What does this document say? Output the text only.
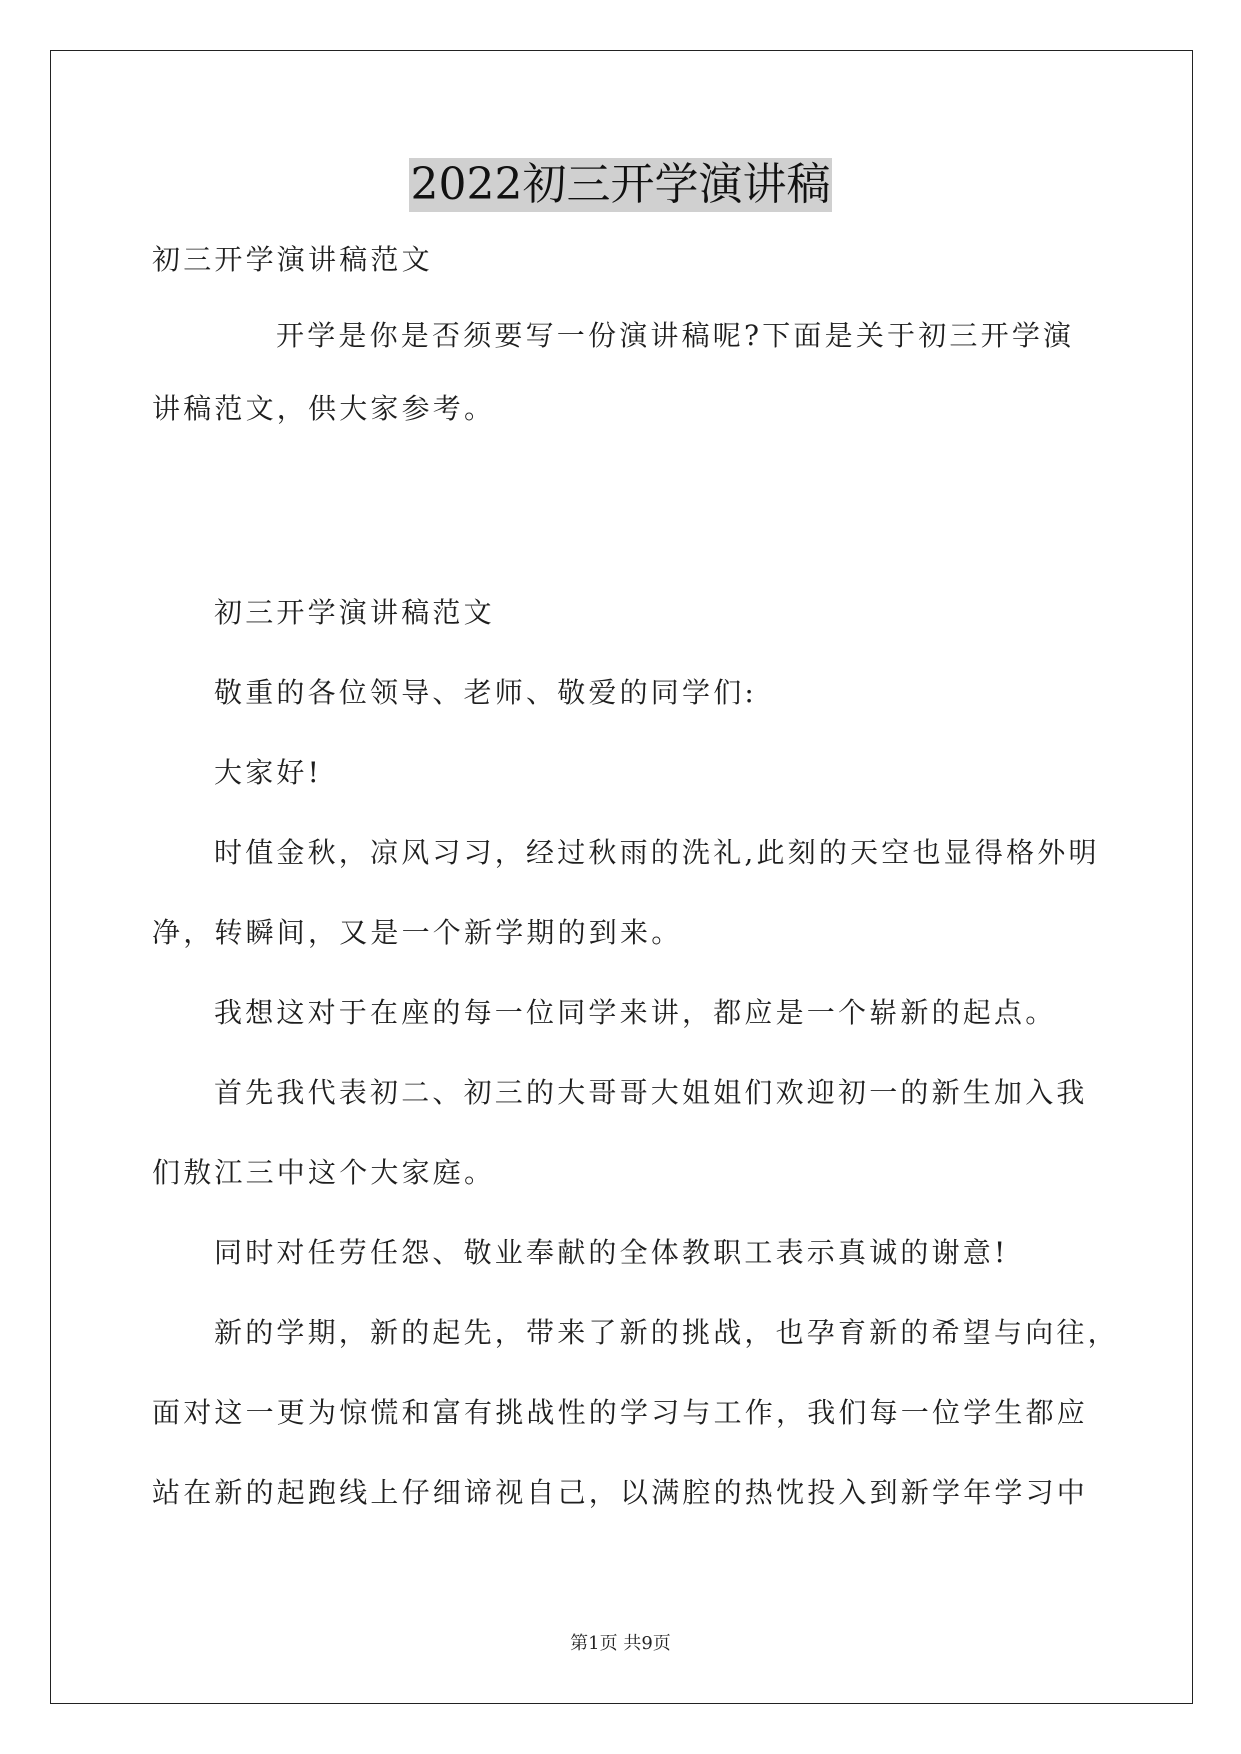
2022初三开学演讲稿
初三开学演讲稿范文
开学是你是否须要写一份演讲稿呢?下面是关于初三开学演
讲稿范文，供大家参考。
初三开学演讲稿范文
敬重的各位领导、老师、敬爱的同学们:
大家好!
时值金秋，凉风习习，经过秋雨的洗礼,此刻的天空也显得格外明
净，转瞬间，又是一个新学期的到来。
我想这对于在座的每一位同学来讲，都应是一个崭新的起点。
首先我代表初二、初三的大哥哥大姐姐们欢迎初一的新生加入我
们敖江三中这个大家庭。
同时对任劳任怨、敬业奉献的全体教职工表示真诚的谢意!
新的学期，新的起先，带来了新的挑战，也孕育新的希望与向往，
面对这一更为惊慌和富有挑战性的学习与工作，我们每一位学生都应
站在新的起跑线上仔细谛视自己，以满腔的热忱投入到新学年学习中
第1页 共9页
